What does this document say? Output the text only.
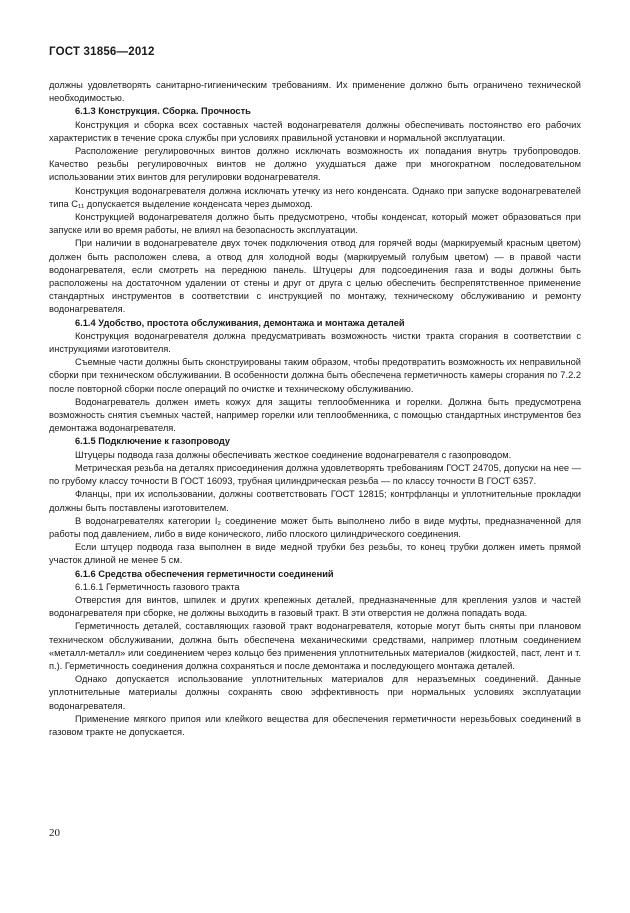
ГОСТ 31856—2012

должны удовлетворять санитарно-гигиеническим требованиям. Их применение должно быть ограничено технической необходимостью.

6.1.3 Конструкция. Сборка. Прочность

Конструкция и сборка всех составных частей водонагревателя должны обеспечивать постоянство его рабочих характеристик в течение срока службы при условиях правильной установки и нормальной эксплуатации.

Расположение регулировочных винтов должно исключать возможность их попадания внутрь трубопроводов. Качество резьбы регулировочных винтов не должно ухудшаться даже при многократном последовательном использовании этих винтов для регулировки водонагревателя.

Конструкция водонагревателя должна исключать утечку из него конденсата. Однако при запуске водонагревателей типа C₁₁ допускается выделение конденсата через дымоход.

Конструкцией водонагревателя должно быть предусмотрено, чтобы конденсат, который может образоваться при запуске или во время работы, не влиял на безопасность эксплуатации.

При наличии в водонагревателе двух точек подключения отвод для горячей воды (маркируемый красным цветом) должен быть расположен слева, а отвод для холодной воды (маркируемый голубым цветом) — в правой части водонагревателя, если смотреть на переднюю панель. Штуцеры для подсоединения газа и воды должны быть расположены на достаточном удалении от стены и друг от друга с целью обеспечить беспрепятственное применение стандартных инструментов в соответствии с инструкцией по монтажу, техническому обслуживанию и ремонту водонагревателя.

6.1.4 Удобство, простота обслуживания, демонтажа и монтажа деталей

Конструкция водонагревателя должна предусматривать возможность чистки тракта сгорания в соответствии с инструкциями изготовителя.

Съемные части должны быть сконструированы таким образом, чтобы предотвратить возможность их неправильной сборки при техническом обслуживании. В особенности должна быть обеспечена герметичность камеры сгорания по 7.2.2 после повторной сборки после операций по очистке и техническому обслуживанию.

Водонагреватель должен иметь кожух для защиты теплообменника и горелки. Должна быть предусмотрена возможность снятия съемных частей, например горелки или теплообменника, с помощью стандартных инструментов без демонтажа водонагревателя.

6.1.5 Подключение к газопроводу

Штуцеры подвода газа должны обеспечивать жесткое соединение водонагревателя с газопроводом.

Метрическая резьба на деталях присоединения должна удовлетворять требованиям ГОСТ 24705, допуски на нее — по грубому классу точности В ГОСТ 16093, трубная цилиндрическая резьба — по классу точности В ГОСТ 6357.

Фланцы, при их использовании, должны соответствовать ГОСТ 12815; контрфланцы и уплотнительные прокладки должны быть поставлены изготовителем.

В водонагревателях категории I₂ соединение может быть выполнено либо в виде муфты, предназначенной для работы под давлением, либо в виде конического, либо плоского цилиндрического соединения.

Если штуцер подвода газа выполнен в виде медной трубки без резьбы, то конец трубки должен иметь прямой участок длиной не менее 5 см.

6.1.6 Средства обеспечения герметичности соединений

6.1.6.1 Герметичность газового тракта

Отверстия для винтов, шпилек и других крепежных деталей, предназначенные для крепления узлов и частей водонагревателя при сборке, не должны выходить в газовый тракт. В эти отверстия не должна попадать вода.

Герметичность деталей, составляющих газовой тракт водонагревателя, которые могут быть сняты при плановом техническом обслуживании, должна быть обеспечена механическими средствами, например плотным соединением «металл-металл» или соединением через кольцо без применения уплотнительных материалов (жидкостей, паст, лент и т. п.). Герметичность соединения должна сохраняться и после демонтажа и последующего монтажа деталей.

Однако допускается использование уплотнительных материалов для неразъемных соединений. Данные уплотнительные материалы должны сохранять свою эффективность при нормальных условиях эксплуатации водонагревателя.

Применение мягкого припоя или клейкого вещества для обеспечения герметичности нерезьбовых соединений в газовом тракте не допускается.

20
